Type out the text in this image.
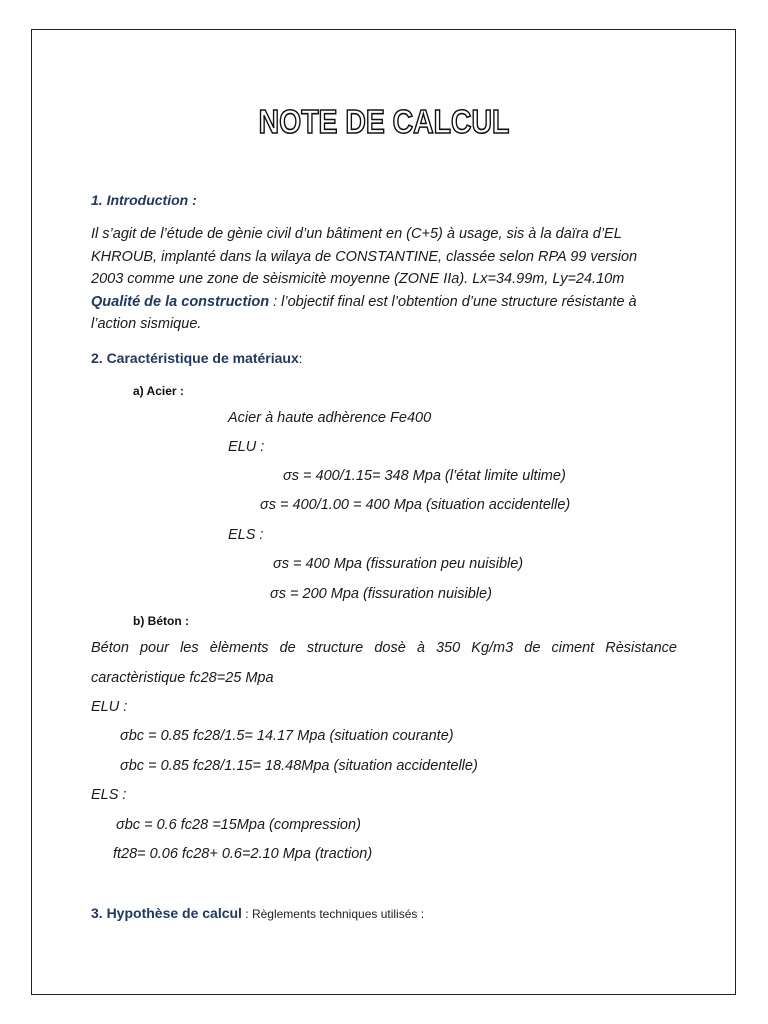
NOTE DE CALCUL
1. Introduction :
Il s’agit de l’étude de gènie civil d’un bâtiment en (C+5) à usage, sis à la daïra d’EL
KHROUB, implanté dans la wilaya de CONSTANTINE, classée selon RPA 99 version
2003 comme une zone de sèismicitè moyenne (ZONE IIa). Lx=34.99m, Ly=24.10m
Qualité de la construction : l’objectif final est l’obtention d’une structure résistante à
l’action sismique.
2. Caractéristique de matériaux:
a) Acier :
Acier à haute adhèrence Fe400
ELU :
σs = 400/1.15= 348 Mpa (l’état limite ultime)
σs = 400/1.00 = 400 Mpa (situation accidentelle)
ELS :
σs = 400 Mpa (fissuration peu nuisible)
σs = 200 Mpa (fissuration nuisible)
b) Béton :
Béton pour les èlèments de structure dosè à 350 Kg/m3 de ciment Rèsistance
caractèristique fc28=25 Mpa
ELU :
σbc = 0.85 fc28/1.5= 14.17 Mpa (situation courante)
σbc = 0.85 fc28/1.15= 18.48Mpa (situation accidentelle)
ELS :
σbc = 0.6 fc28 =15Mpa (compression)
ft28= 0.06 fc28+ 0.6=2.10 Mpa (traction)
3. Hypothèse de calcul : Règlements techniques utilisés :
